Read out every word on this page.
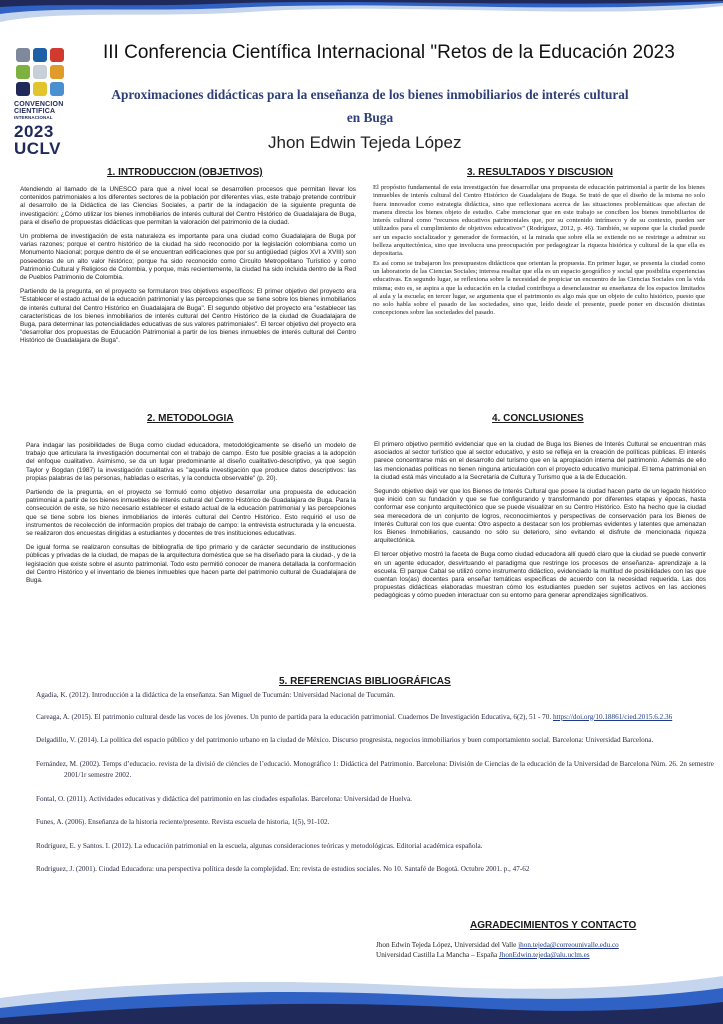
CONVENCION
CIENTIFICA
INTERNACIONAL
2023
UCLV
III Conferencia Científica Internacional "Retos de la Educación 2023
Aproximaciones didácticas para la enseñanza de los bienes inmobiliarios de interés cultural en Buga
Jhon Edwin Tejeda López
1. INTRODUCCION (OBJETIVOS)

Atendiendo al llamado de la UNESCO para que a nivel local se desarrollen procesos que permitan llevar los contenidos patrimoniales a los diferentes sectores de la población por diferentes vías, este trabajo pretende contribuir al desarrollo de la Didáctica de las Ciencias Sociales, a partir de la indagación de la siguiente pregunta de investigación: ¿Cómo utilizar los bienes inmobiliarios de interés cultural del Centro Histórico de Guadalajara de Buga, para el diseño de propuestas didácticas que permitan la valoración del patrimonio de la ciudad.

Un problema de investigación de esta naturaleza es importante para una ciudad como Guadalajara de Buga por varias razones; porque el centro histórico de la ciudad ha sido reconocido por la legislación colombiana como un Monumento Nacional; porque dentro de él se encuentran edificaciones que por su antigüedad (siglos XVI a XVIII) son poseedoras de un alto valor histórico; porque ha sido reconocido como Circuito Metropolitano Turístico y como Patrimonio Cultural y Religioso de Colombia, y porque, más recientemente, la ciudad ha sido incluida dentro de la Red de Pueblos Patrimonio de Colombia.

Partiendo de la pregunta, en el proyecto se formularon tres objetivos específicos: El primer objetivo del proyecto era "Establecer el estado actual de la educación patrimonial y las percepciones que se tiene sobre los bienes inmobiliarios de interés cultural del Centro Histórico en Guadalajara de Buga". El segundo objetivo del proyecto era "establecer las características de los bienes inmobiliarios de interés cultural del Centro Histórico de la ciudad de Guadalajara de Buga, para determinar las potencialidades educativas de sus valores patrimoniales". El tercer objetivo del proyecto era "desarrollar dos propuestas de Educación Patrimonial a partir de los bienes inmuebles de interés cultural del Centro Histórico de Guadalajara de Buga".

3. RESULTADOS Y DISCUSION

El propósito fundamental de esta investigación fue desarrollar una propuesta de educación patrimonial a partir de los bienes inmuebles de interés cultural del Centro Histórico de Guadalajara de Buga. Se trató de que el diseño de la misma no solo fuera innovador como estrategia didáctica, sino que reflexionara acerca de las situaciones problemáticas que afectan de manera directa los bienes objeto de estudio. Cabe mencionar que en este trabajo se conciben los bienes inmobiliarios de interés cultural como “recursos educativos patrimoniales que, por su contenido intrínseco y de su contexto, pueden ser utilizados para el cumplimiento de objetivos educativos” (Rodríguez, 2012, p. 46). También, se supone que la ciudad puede ser un espacio socializador y generador de formación, si la mirada que sobre ella se extiende no se restringe a admirar su belleza arquitectónica, sino que involucra una preocupación por pedagogizar la riqueza histórica y cultural de la que ella es depositaria.

Es así como se trabajaron los presupuestos didácticos que orientan la propuesta. En primer lugar, se presenta la ciudad como un laboratorio de las Ciencias Sociales; interesa resaltar que ella es un espacio geográfico y social que posibilita experiencias educativas. En segundo lugar, se reflexiona sobre la necesidad de propiciar un encuentro de las Ciencias Sociales con la vida misma; esto es, se aspira a que la educación en la ciudad contribuya a desenclaustrar su enseñanza de los espacios limitados al aula y la escuela; en tercer lugar, se argumenta que el patrimonio es algo más que un objeto de culto histórico, puesto que no solo habla sobre el pasado de las sociedades, sino que, leído desde el presente, puede poner en discusión distintas concepciones sobre las sociedades del pasado.

2. METODOLOGIA

Para indagar las posibilidades de Buga como ciudad educadora, metodológicamente se diseñó un modelo de trabajo que articulara la investigación documental con el trabajo de campo. Esto fue posible gracias a la adopción del enfoque cualitativo. Asimismo, se da un lugar predominante al diseño cualitativo-descriptivo, ya que según Taylor y Bogdan (1987) la investigación cualitativa es "aquella investigación que produce datos descriptivos: las propias palabras de las personas, habladas o escritas, y la conducta observable" (p. 20).

Partiendo de la pregunta, en el proyecto se formuló como objetivo desarrollar una propuesta de educación patrimonial a partir de los bienes inmuebles de interés cultural del Centro Histórico de Guadalajara de Buga. Para la consecución de este, se hizo necesario establecer el estado actual de la educación patrimonial y las percepciones que se tiene sobre los bienes inmobiliarios de interés cultural del Centro Histórico. Esto requirió el uso de instrumentos de recolección de información propios del trabajo de campo: la entrevista estructurada y la encuesta. se realizaron dos encuestas dirigidas a estudiantes y docentes de tres instituciones educativas.

De igual forma se realizaron consultas de bibliografía de tipo primario y de carácter secundario de instituciones públicas y privadas de la ciudad, de mapas de la arquitectura doméstica que se ha diseñado para la ciudad-, y de la legislación que existe sobre el asunto patrimonial. Todo esto permitió conocer de manera detallada la conformación del Centro Histórico y el inventario de bienes inmuebles que hacen parte del patrimonio cultural de Guadalajara de Buga.

4. CONCLUSIONES

El primero objetivo permitió evidenciar que en la ciudad de Buga los Bienes de Interés Cultural se encuentran más asociados al sector turístico que al sector educativo, y esto se refleja en la creación de políticas públicas. El interés parece concentrarse más en el desarrollo del turismo que en la apropiación interna del patrimonio. Además de ello las mencionadas políticas no tienen ninguna articulación con el proyecto educativo municipal. El tema patrimonial en la ciudad está más vinculado a la Secretaría de Cultura y Turismo que a la de Educación.

Segundo objetivo dejó ver que los Bienes de Interés Cultural que posee la ciudad hacen parte de un legado histórico que inició con su fundación y que se fue configurando y transformando por diferentes etapas y épocas, hasta conformar ese conjunto arquitectónico que se puede visualizar en su Centro Histórico. Esto ha hecho que la ciudad sea merecedora de un conjunto de logros, reconocimientos y perspectivas de conservación para los Bienes de Interés Cultural con los que cuenta: Otro aspecto a destacar son los problemas evidentes y latentes que amenazan los Bienes Inmobiliarios, causando no sólo su deterioro, sino evitando el disfrute de mencionada riqueza arquitectónica.

El tercer objetivo mostró la faceta de Buga como ciudad educadora allí quedó claro que la ciudad se puede convertir en un agente educador, desvirtuando el paradigma que restringe los procesos de enseñanza- aprendizaje a la escuela. El parque Cabal se utilizó como instrumento didáctico, evidenciado la multitud de posibilidades con las que cuentan los(as) docentes para enseñar temáticas específicas de acuerdo con la necesidad requerida. Las dos propuestas didácticas elaboradas muestran cómo los estudiantes pueden ser sujetos activos en las acciones pedagógicas y cómo pueden interactuar con su entorno para generar aprendizajes significativos.

5. REFERENCIAS BIBLIOGRÁFICAS
Agadia, K. (2012). Introducción a la didáctica de la enseñanza. San Miguel de Tucumán: Universidad Nacional de Tucumán.
Careaga, A. (2015). El patrimonio cultural desde las voces de los jóvenes. Un punto de partida para la educación patrimonial. Cuadernos De Investigación Educativa, 6(2), 51 - 70. https://doi.org/10.18861/cied.2015.6.2.36
Delgadillo, V. (2014). La política del espacio público y del patrimonio urbano en la ciudad de México. Discurso progresista, negocios inmobiliarios y buen comportamiento social. Barcelona: Universidad Barcelona.
Fernández, M. (2002). Temps d’educacio. revista de la divisió de ciències de l’educació. Monográfico 1: Didáctica del Patrimonio. Barcelona: División de Ciencias de la educación de la Universidad de Barcelona Núm. 26. 2n semestre 2001/1r semestre 2002.
Fontal, O. (2011). Actividades educativas y didáctica del patrimonio en las ciudades españolas. Barcelona: Universidad de Huelva.
Funes, A. (2006). Enseñanza de la historia reciente/presente. Revista escuela de historia, 1(5), 91-102.
Rodríguez, E. y Santos. I. (2012). La educación patrimonial en la escuela, algunas consideraciones teóricas y metodológicas. Editorial académica española.
Rodriguez, J. (2001). Ciudad Educadora: una perspectiva política desde la complejidad. En: revista de estudios sociales. No 10. Santafé de Bogotá. Octubre 2001. p., 47-62
AGRADECIMIENTOS Y CONTACTO
Jhon Edwin Tejeda López, Universidad del Valle jhon.tejeda@correounivalle.edu.co
Universidad Castilla La Mancha – España JhonEdwin.tejeda@alu.uclm.es
